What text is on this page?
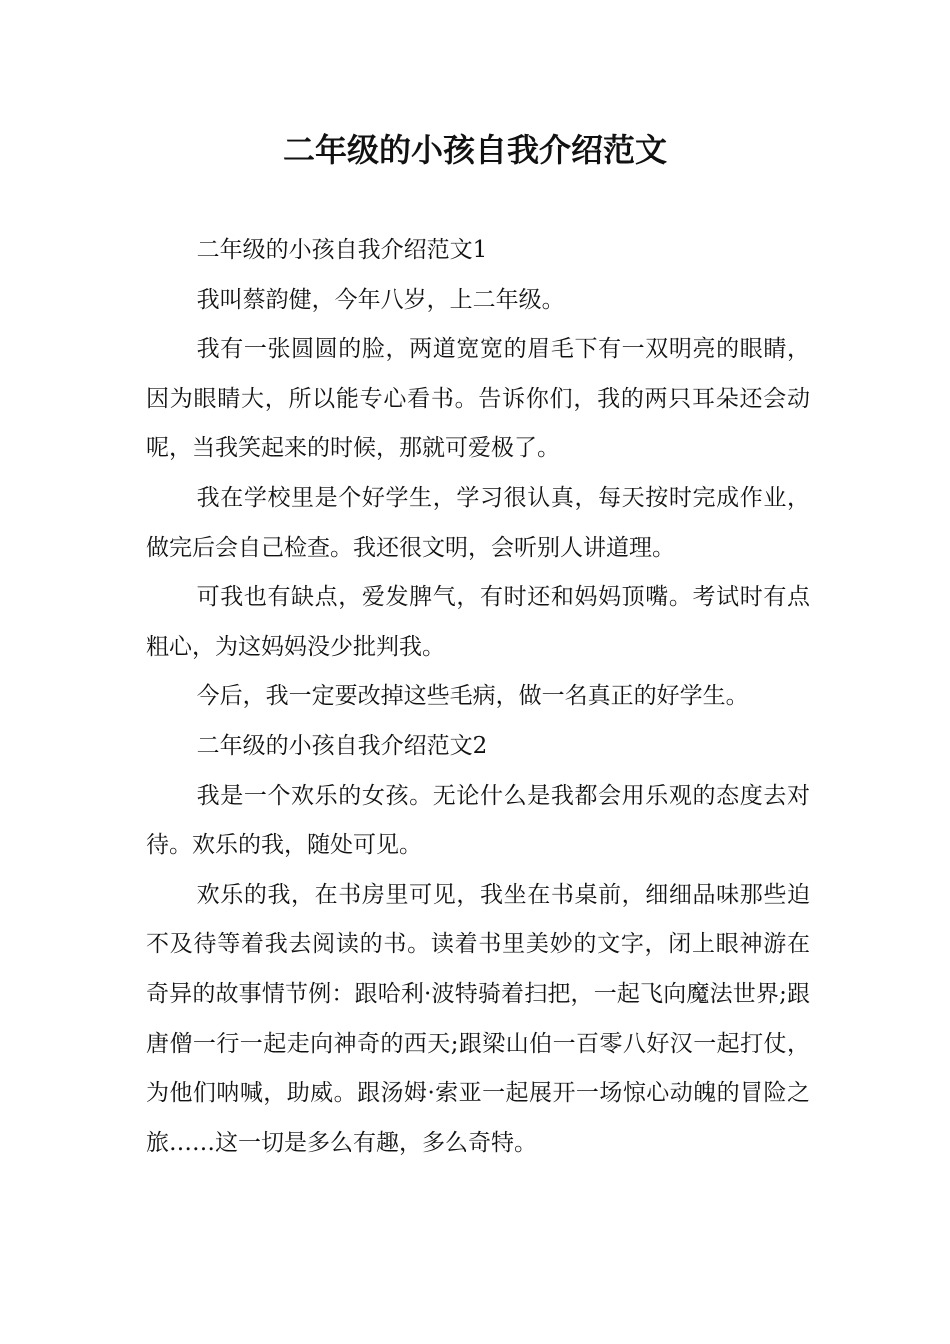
二年级的小孩自我介绍范文

二年级的小孩自我介绍范文1

我叫蔡韵健，今年八岁，上二年级。

我有一张圆圆的脸，两道宽宽的眉毛下有一双明亮的眼睛，因为眼睛大，所以能专心看书。告诉你们，我的两只耳朵还会动呢，当我笑起来的时候，那就可爱极了。

我在学校里是个好学生，学习很认真，每天按时完成作业，做完后会自己检查。我还很文明，会听别人讲道理。

可我也有缺点，爱发脾气，有时还和妈妈顶嘴。考试时有点粗心，为这妈妈没少批判我。

今后，我一定要改掉这些毛病，做一名真正的好学生。

二年级的小孩自我介绍范文2

我是一个欢乐的女孩。无论什么是我都会用乐观的态度去对待。欢乐的我，随处可见。

欢乐的我，在书房里可见，我坐在书桌前，细细品味那些迫不及待等着我去阅读的书。读着书里美妙的文字，闭上眼神游在奇异的故事情节例：跟哈利·波特骑着扫把，一起飞向魔法世界;跟唐僧一行一起走向神奇的西天;跟梁山伯一百零八好汉一起打仗，为他们呐喊，助威。跟汤姆·索亚一起展开一场惊心动魄的冒险之旅……这一切是多么有趣，多么奇特。
